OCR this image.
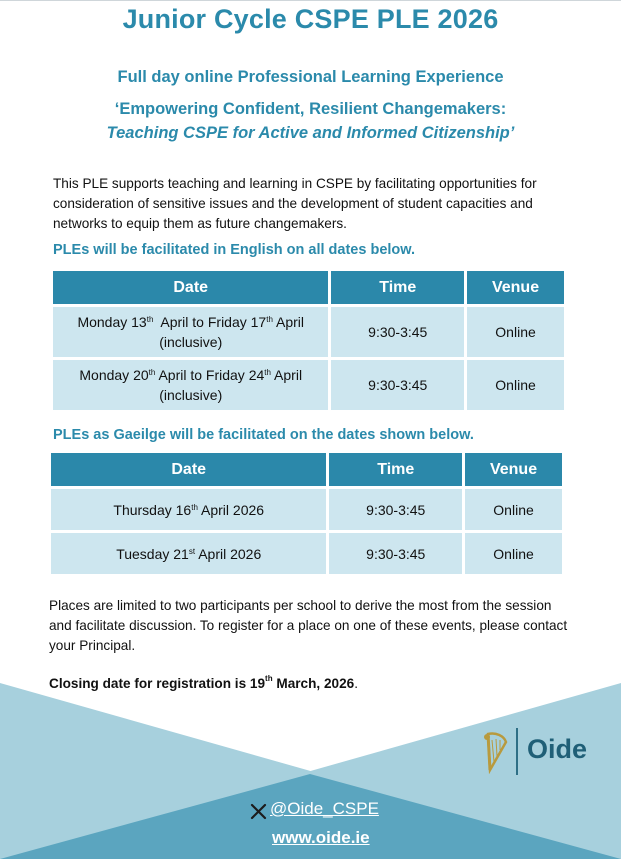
Junior Cycle CSPE PLE 2026
Full day online Professional Learning Experience
‘Empowering Confident, Resilient Changemakers:
Teaching CSPE for Active and Informed Citizenship’
This PLE supports teaching and learning in CSPE by facilitating opportunities for consideration of sensitive issues and the development of student capacities and networks to equip them as future changemakers.
PLEs will be facilitated in English on all dates below.
Date	Time	Venue
Monday 13th  April to Friday 17th April (inclusive)	9:30-3:45	Online
Monday 20th April to Friday 24th April (inclusive)	9:30-3:45	Online
PLEs as Gaeilge will be facilitated on the dates shown below.
Date	Time	Venue
Thursday 16th April 2026	9:30-3:45	Online
Tuesday 21st April 2026	9:30-3:45	Online
Places are limited to two participants per school to derive the most from the session and facilitate discussion. To register for a place on one of these events, please contact your Principal.
Closing date for registration is 19th March, 2026.
Oide
@Oide_CSPE
www.oide.ie
